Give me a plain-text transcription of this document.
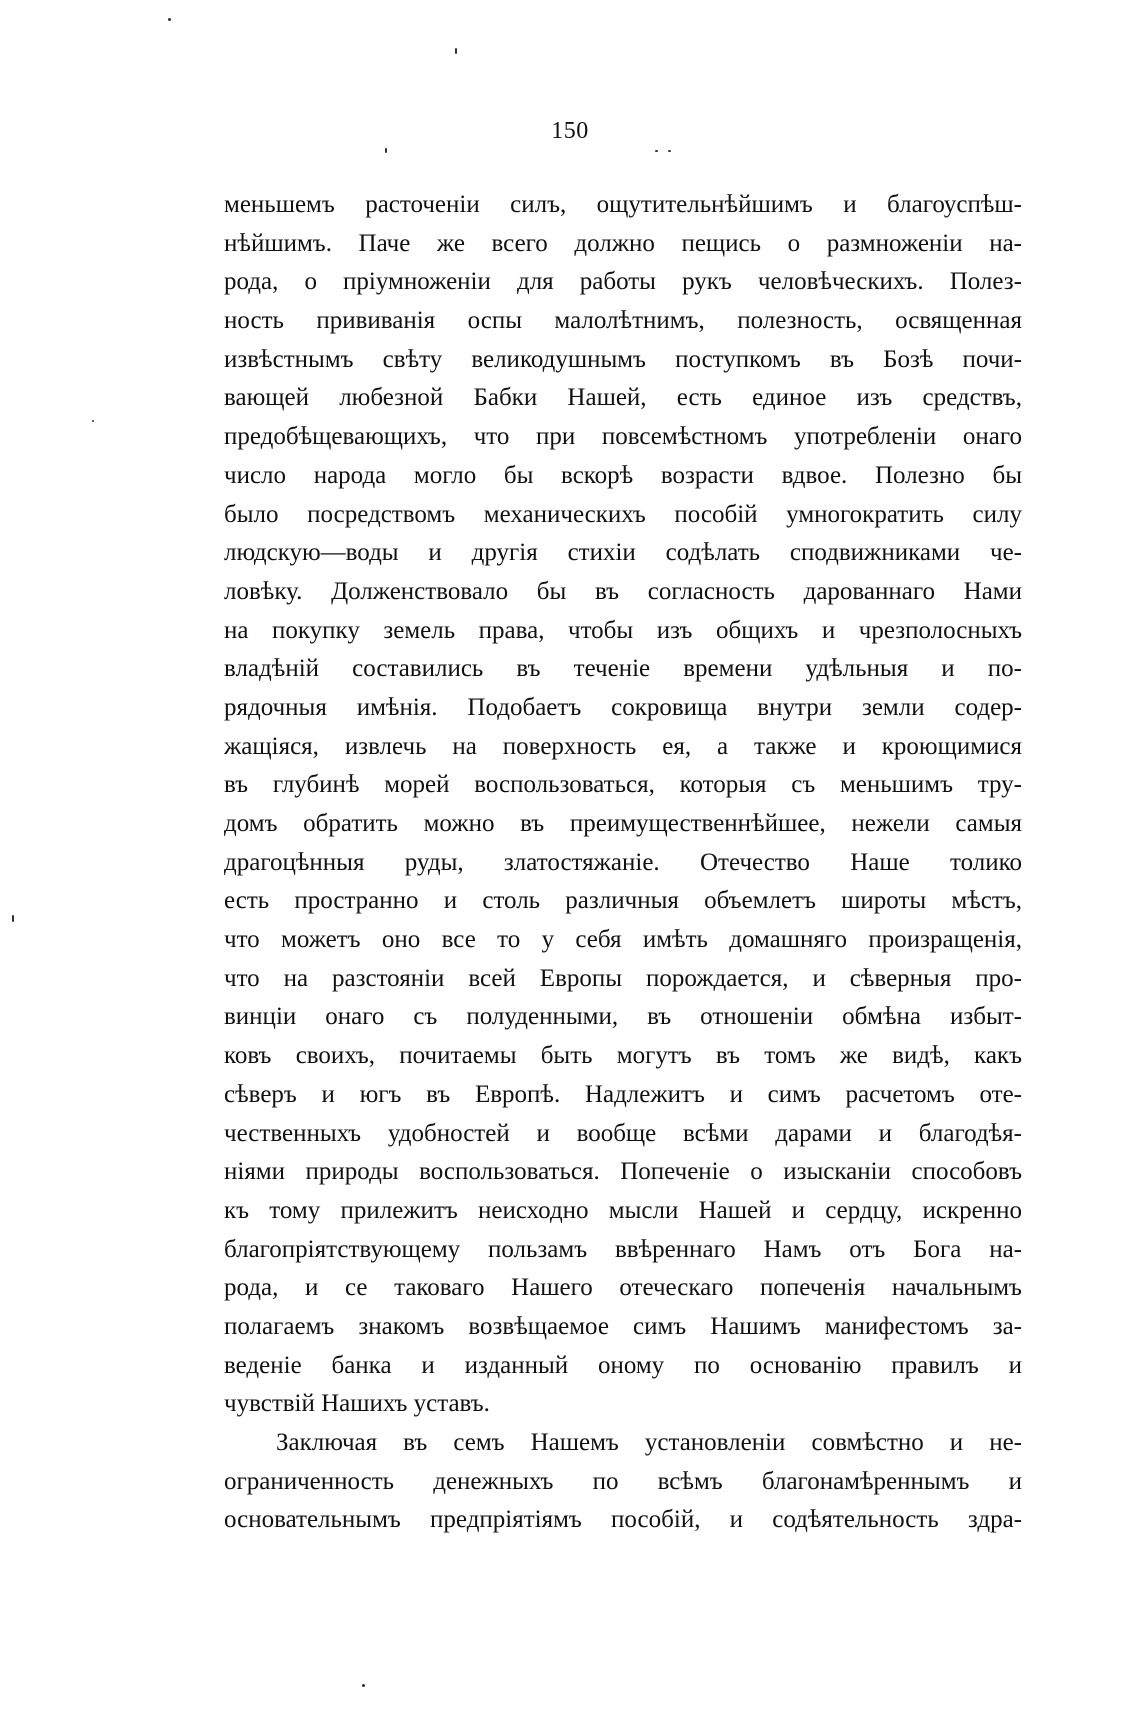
150
меньшемъ расточеніи силъ, ощутительнѣйшимъ и благоуспѣш-
нѣйшимъ. Паче же всего должно пещись о размноженіи на-
рода, о пріумноженіи для работы рукъ человѣческихъ. Полез-
ность прививанія оспы малолѣтнимъ, полезность, освященная
извѣстнымъ свѣту великодушнымъ поступкомъ въ Бозѣ почи-
вающей любезной Бабки Нашей, есть единое изъ средствъ,
предобѣщевающихъ, что при повсемѣстномъ употребленіи онаго
число народа могло бы вскорѣ возрасти вдвое. Полезно бы
было посредствомъ механическихъ пособій умногократить силу
людскую—воды и другія стихіи содѣлать сподвижниками че-
ловѣку. Долженствовало бы въ согласность дарованнаго Нами
на покупку земель права, чтобы изъ общихъ и чрезполосныхъ
владѣній составились въ теченіе времени удѣльныя и по-
рядочныя имѣнія. Подобаетъ сокровища внутри земли содер-
жащіяся, извлечь на поверхность ея, а также и кроющимися
въ глубинѣ морей воспользоваться, которыя съ меньшимъ тру-
домъ обратить можно въ преимущественнѣйшее, нежели самыя
драгоцѣнныя руды, златостяжаніе. Отечество Наше толико
есть пространно и столь различныя объемлетъ широты мѣстъ,
что можетъ оно все то у себя имѣть домашняго произращенія,
что на разстояніи всей Европы порождается, и сѣверныя про-
винціи онаго съ полуденными, въ отношеніи обмѣна избыт-
ковъ своихъ, почитаемы быть могутъ въ томъ же видѣ, какъ
сѣверъ и югъ въ Европѣ. Надлежитъ и симъ расчетомъ оте-
чественныхъ удобностей и вообще всѣми дарами и благодѣя-
ніями природы воспользоваться. Попеченіе о изысканіи способовъ
къ тому прилежитъ неисходно мысли Нашей и сердцу, искренно
благопріятствующему пользамъ ввѣреннаго Намъ отъ Бога на-
рода, и се таковаго Нашего отеческаго попеченія начальнымъ
полагаемъ знакомъ возвѣщаемое симъ Нашимъ манифестомъ за-
веденіе банка и изданный оному по основанію правилъ и
чувствій Нашихъ уставъ.
Заключая въ семъ Нашемъ установленіи совмѣстно и не-
ограниченность денежныхъ по всѣмъ благонамѣреннымъ и
основательнымъ предпріятіямъ пособій, и содѣятельность здра-
